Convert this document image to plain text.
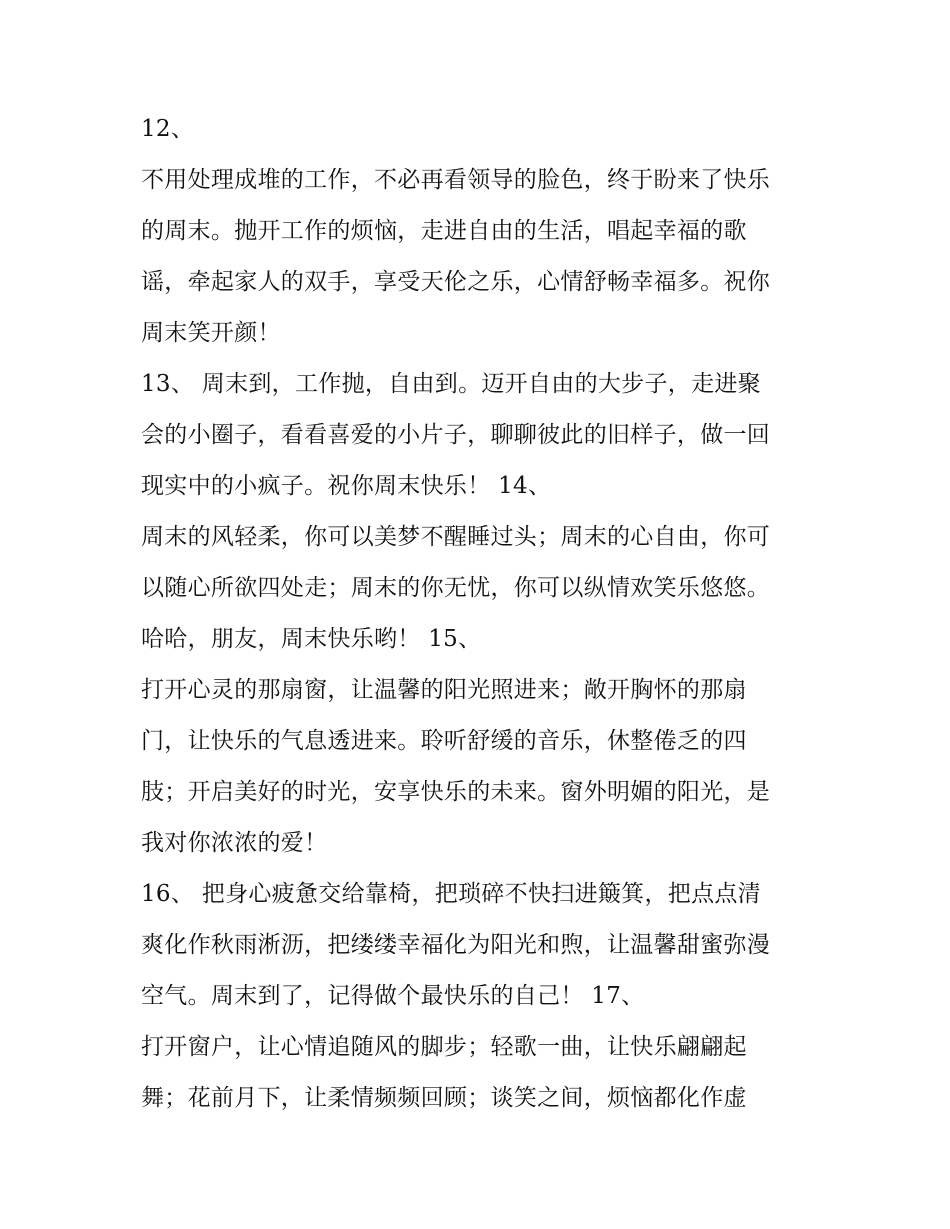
12、
不用处理成堆的工作，不必再看领导的脸色，终于盼来了快乐
的周末。抛开工作的烦恼，走进自由的生活，唱起幸福的歌
谣，牵起家人的双手，享受天伦之乐，心情舒畅幸福多。祝你
周末笑开颜！
13、 周末到，工作抛，自由到。迈开自由的大步子，走进聚
会的小圈子，看看喜爱的小片子，聊聊彼此的旧样子，做一回
现实中的小疯子。祝你周末快乐！ 14、
周末的风轻柔，你可以美梦不醒睡过头；周末的心自由，你可
以随心所欲四处走；周末的你无忧，你可以纵情欢笑乐悠悠。
哈哈，朋友，周末快乐哟！ 15、
打开心灵的那扇窗，让温馨的阳光照进来；敞开胸怀的那扇
门，让快乐的气息透进来。聆听舒缓的音乐，休整倦乏的四
肢；开启美好的时光，安享快乐的未来。窗外明媚的阳光，是
我对你浓浓的爱！
16、 把身心疲惫交给靠椅，把琐碎不快扫进簸箕，把点点清
爽化作秋雨淅沥，把缕缕幸福化为阳光和煦，让温馨甜蜜弥漫
空气。周末到了，记得做个最快乐的自己！ 17、
打开窗户，让心情追随风的脚步；轻歌一曲，让快乐翩翩起
舞；花前月下，让柔情频频回顾；谈笑之间，烦恼都化作虚
